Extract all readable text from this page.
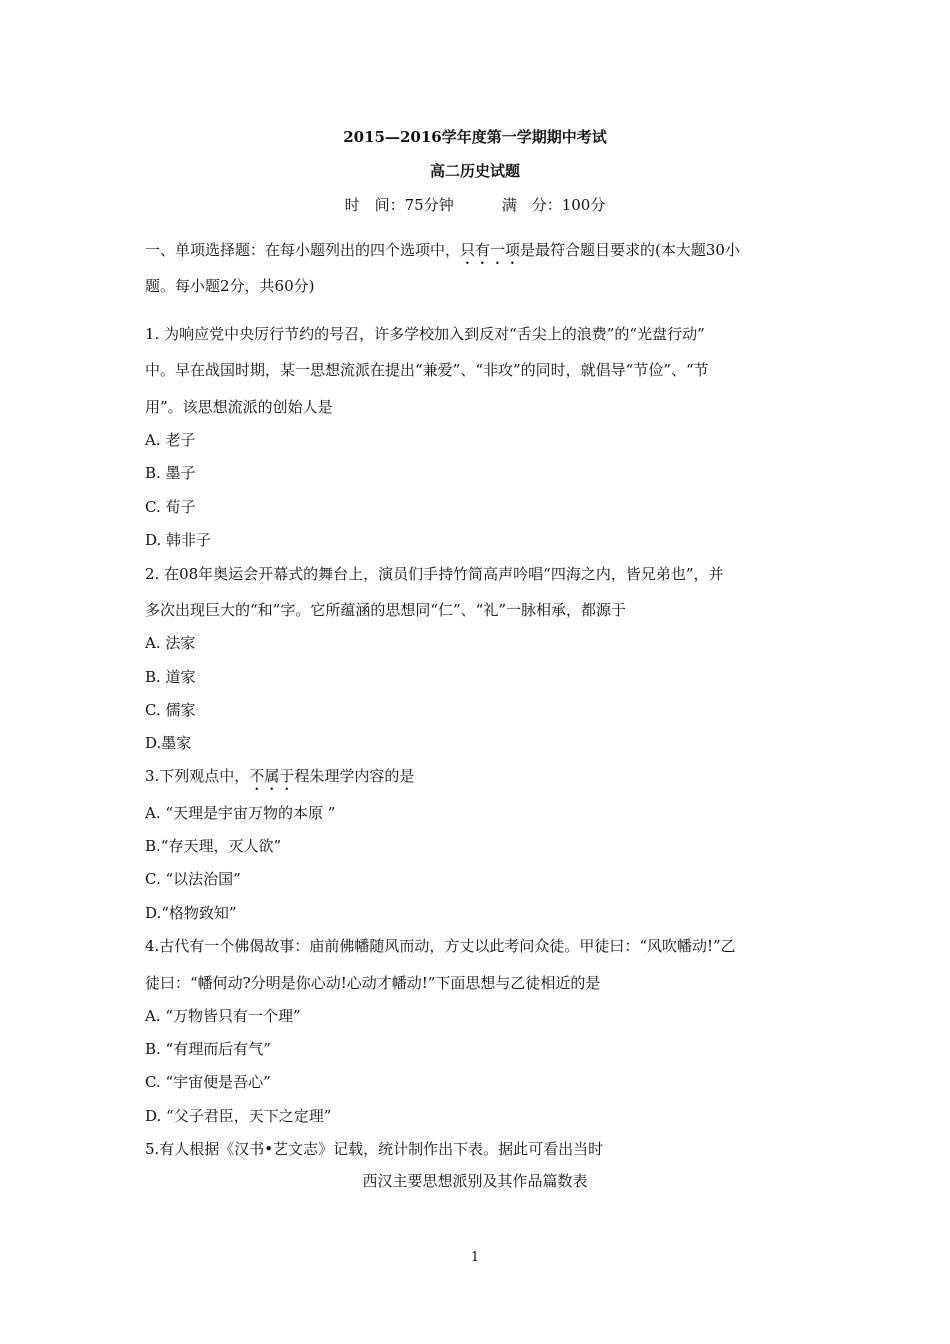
2015—2016学年度第一学期期中考试
高二历史试题
时　间：75分钟	满　分：100分
一、单项选择题：在每小题列出的四个选项中，只有一项是最符合题目要求的(本大题30小
题。每小题2分，共60分)
1. 为响应党中央厉行节约的号召，许多学校加入到反对“舌尖上的浪费”的“光盘行动”
中。早在战国时期，某一思想流派在提出“兼爱”、“非攻”的同时，就倡导“节俭”、“节
用”。该思想流派的创始人是
A. 老子
B. 墨子
C. 荀子
D. 韩非子
2. 在08年奥运会开幕式的舞台上，演员们手持竹简高声吟唱“四海之内，皆兄弟也”，并
多次出现巨大的“和”字。它所蕴涵的思想同“仁”、“礼”一脉相承，都源于
A. 法家
B. 道家
C. 儒家
D.墨家
3.下列观点中，不属于程朱理学内容的是
A. “天理是宇宙万物的本原 ”
B.“存天理，灭人欲”
C. “以法治国”
D.“格物致知”
4.古代有一个佛偈故事：庙前佛幡随风而动，方丈以此考问众徒。甲徒曰：“风吹幡动!”乙
徒曰：“幡何动?分明是你心动!心动才幡动!”下面思想与乙徒相近的是
A. “万物皆只有一个理”
B. “有理而后有气”
C. “宇宙便是吾心”
D. “父子君臣，天下之定理”
5.有人根据《汉书•艺文志》记载，统计制作出下表。据此可看出当时
西汉主要思想派别及其作品篇数表
1
